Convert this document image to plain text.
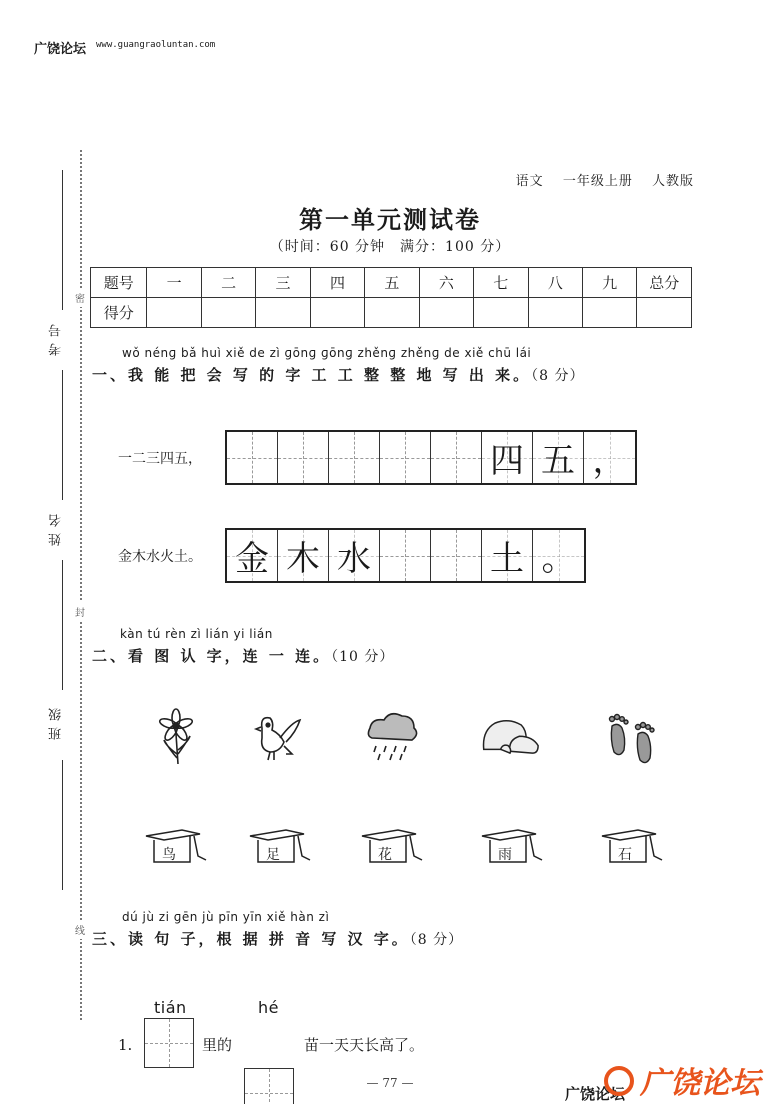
广饶论坛 www.guangraoluntan.com
密
封
线
考号
姓名
班级
语文 一年级上册 人教版
第一单元测试卷
（时间：60 分钟　满分：100 分）
题号	一	二	三	四	五	六	七	八	九	总分
得分										
wǒ nénɡ bǎ huì xiě de zì ɡōnɡ ɡōnɡ zhěnɡ zhěnɡ de xiě chū lái
一、我 能 把 会 写 的 字 工 工 整 整 地 写 出 来。（8 分）
一二三四五，	四 五 ，
金木水火土。 金 木 水	土 。
kàn tú rèn zì lián yi lián
二、看 图 认 字，连 一 连。（10 分）
鸟	足	花	雨	石
dú jù zi ɡēn jù pīn yīn xiě hàn zì
三、读 句 子，根 据 拼 音 写 汉 字。（8 分）
tián	hé
1.	里的	苗一天天长高了。
— 77 —
广饶论坛 广饶论坛
